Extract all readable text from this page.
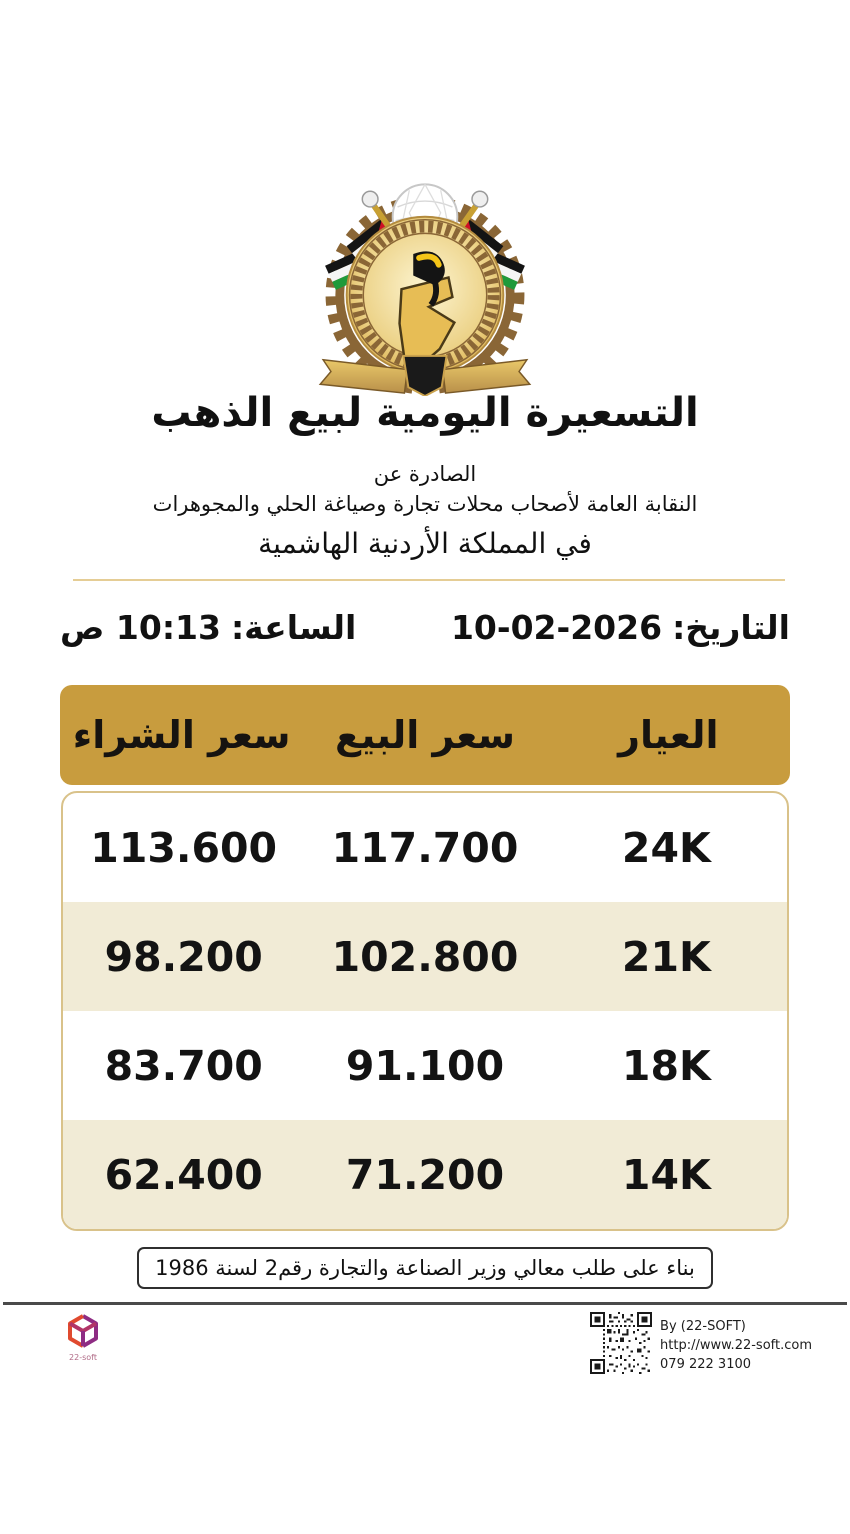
التسعيرة اليومية لبيع الذهب
الصادرة عن
النقابة العامة لأصحاب محلات تجارة وصياغة الحلي والمجوهرات
في المملكة الأردنية الهاشمية
التاريخ:
10-02-2026
الساعة:
10:13 ص
العيار
سعر البيع
سعر الشراء
24K
117.700
113.600
21K
102.800
98.200
18K
91.100
83.700
14K
71.200
62.400
بناء على طلب معالي وزير الصناعة والتجارة رقم2 لسنة 1986
22-soft
By (22-SOFT)
http://www.22-soft.com
079 222 3100
